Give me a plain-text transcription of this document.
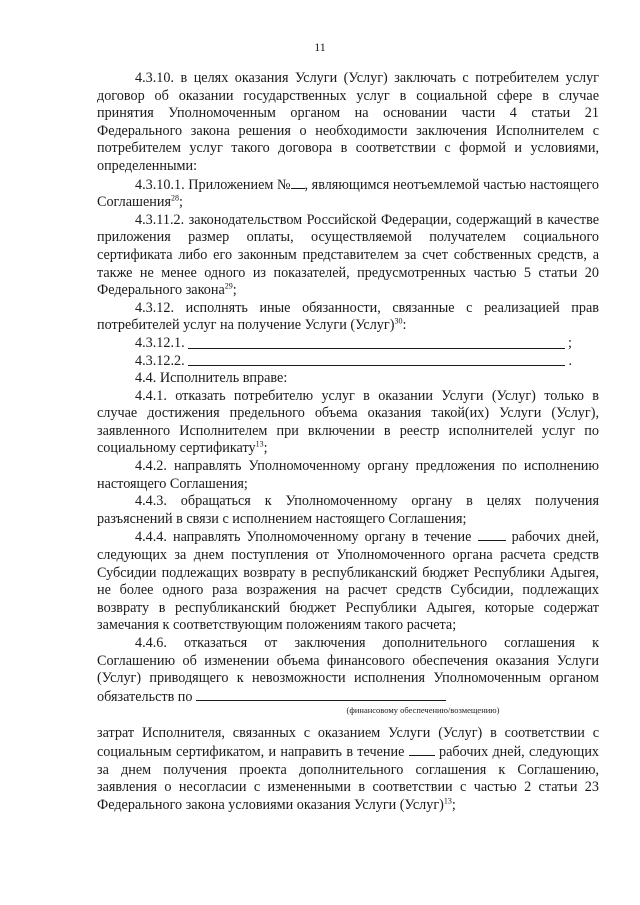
11

4.3.10. в целях оказания Услуги (Услуг) заключать с потребителем услуг договор об оказании государственных услуг в социальной сфере в случае принятия Уполномоченным органом на основании части 4 статьи 21 Федерального закона решения о необходимости заключения Исполнителем с потребителем услуг такого договора в соответствии с формой и условиями, определенными:

4.3.10.1. Приложением № , являющимся неотъемлемой частью настоящего Соглашения$^{28}$;

4.3.11.2. законодательством Российской Федерации, содержащий в качестве приложения размер оплаты, осуществляемой получателем социального сертификата либо его законным представителем за счет собственных средств, а также не менее одного из показателей, предусмотренных частью 5 статьи 20 Федерального закона$^{29}$;

4.3.12. исполнять иные обязанности, связанные с реализацией прав потребителей услуг на получение Услуги (Услуг)$^{30}$:

4.3.12.1.	;
4.3.12.2.	.

4.4. Исполнитель вправе:

4.4.1. отказать потребителю услуг в оказании Услуги (Услуг) только в случае достижения предельного объема оказания такой(их) Услуги (Услуг), заявленного Исполнителем при включении в реестр исполнителей услуг по социальному сертификату$^{13}$;

4.4.2. направлять Уполномоченному органу предложения по исполнению настоящего Соглашения;

4.4.3. обращаться к Уполномоченному органу в целях получения разъяснений в связи с исполнением настоящего Соглашения;

4.4.4. направлять Уполномоченному органу в течение	рабочих дней, следующих за днем поступления от Уполномоченного органа расчета средств Субсидии подлежащих возврату в республиканский бюджет Республики Адыгея, не более одного раза возражения на расчет средств Субсидии, подлежащих возврату в республиканский бюджет Республики Адыгея, которые содержат замечания к соответствующим положениям такого расчета;

4.4.6. отказаться от заключения дополнительного соглашения к Соглашению об изменении объема финансового обеспечения оказания Услуги (Услуг) приводящего к невозможности исполнения Уполномоченным органом обязательств по

(финансовому обеспечению/возмещению)

затрат Исполнителя, связанных с оказанием Услуги (Услуг) в соответствии с социальным сертификатом, и направить в течение рабочих дней, следующих за днем получения проекта дополнительного соглашения к Соглашению, заявления о несогласии с измененными в соответствии с частью 2 статьи 23 Федерального закона условиями оказания Услуги (Услуг)$^{13}$;
